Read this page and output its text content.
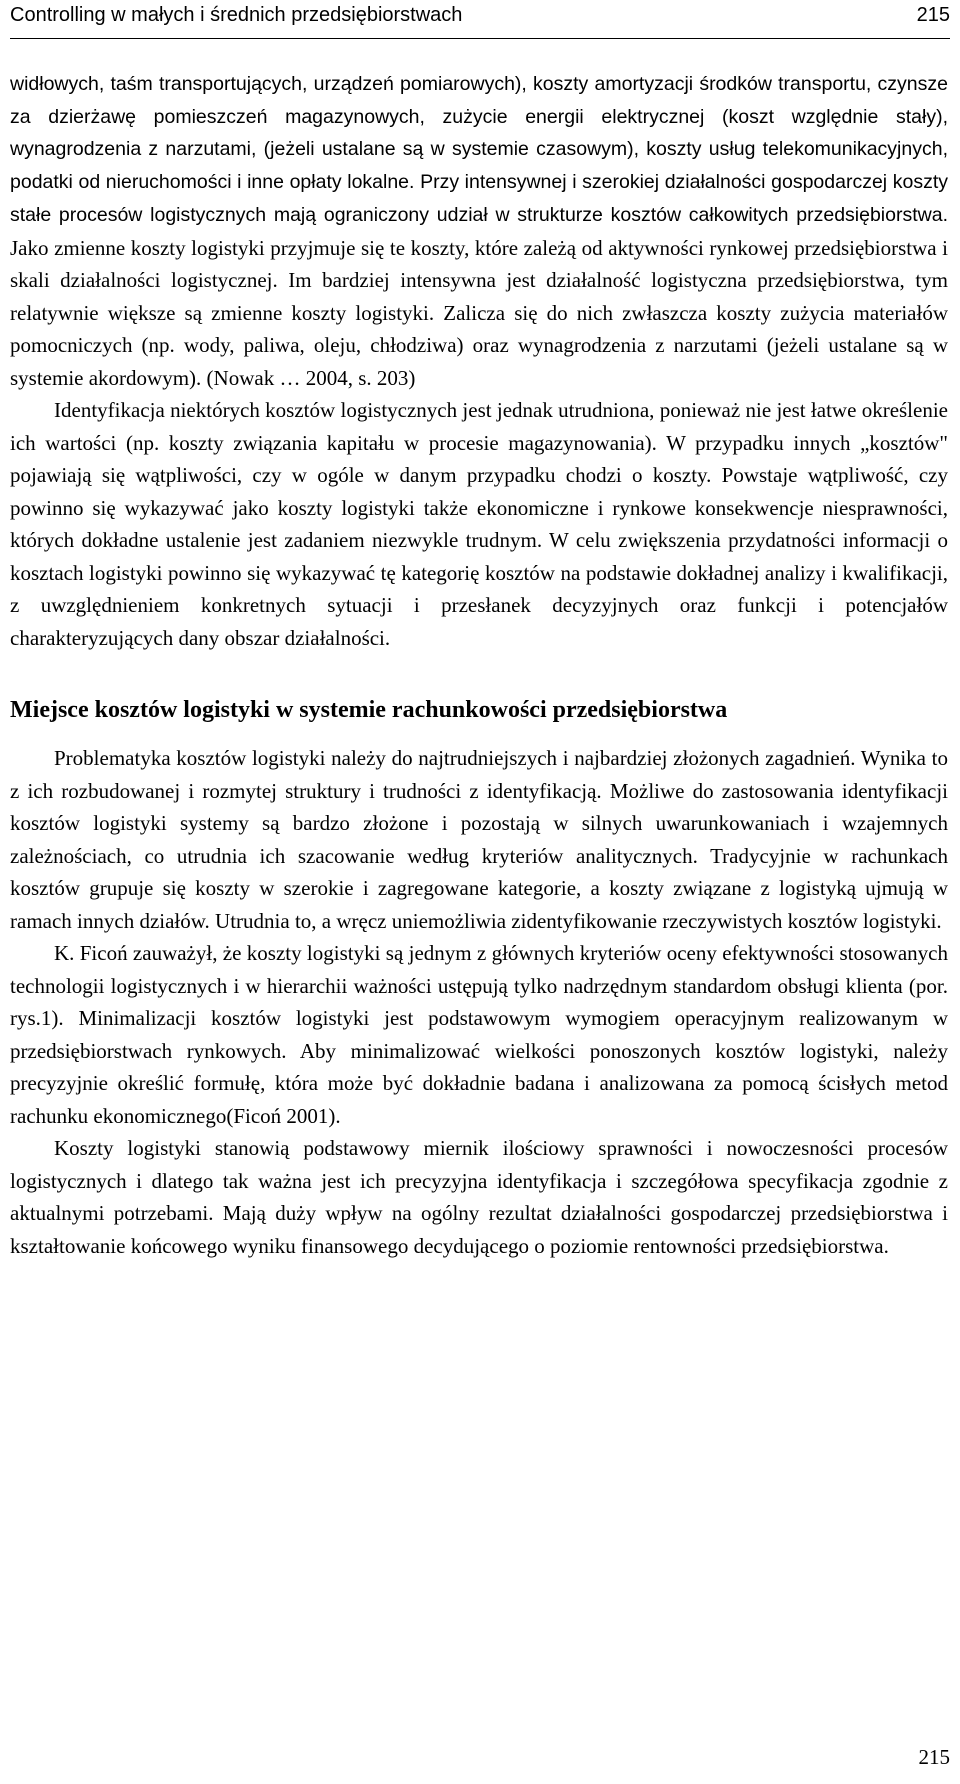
Controlling w małych i średnich przedsiębiorstwach	215

widłowych, taśm transportujących, urządzeń pomiarowych), koszty amortyzacji środków transportu, czynsze za dzierżawę pomieszczeń magazynowych, zużycie energii elektrycznej (koszt względnie stały), wynagrodzenia z narzutami, (jeżeli ustalane są w systemie czasowym), koszty usług telekomunikacyjnych, podatki od nieruchomości i inne opłaty lokalne. Przy intensywnej i szerokiej działalności gospodarczej koszty stałe procesów logistycznych mają ograniczony udział w strukturze kosztów całkowitych przedsiębiorstwa. Jako zmienne koszty logistyki przyjmuje się te koszty, które zależą od aktywności rynkowej przedsiębiorstwa i skali działalności logistycznej. Im bardziej intensywna jest działalność logistyczna przedsiębiorstwa, tym relatywnie większe są zmienne koszty logistyki. Zalicza się do nich zwłaszcza koszty zużycia materiałów pomocniczych (np. wody, paliwa, oleju, chłodziwa) oraz wynagrodzenia z narzutami (jeżeli ustalane są w systemie akordowym). (Nowak … 2004, s. 203)

Identyfikacja niektórych kosztów logistycznych jest jednak utrudniona, ponieważ nie jest łatwe określenie ich wartości (np. koszty związania kapitału w procesie magazynowania). W przypadku innych „kosztów" pojawiają się wątpliwości, czy w ogóle w danym przypadku chodzi o koszty. Powstaje wątpliwość, czy powinno się wykazywać jako koszty logistyki także ekonomiczne i rynkowe konsekwencje niesprawności, których dokładne ustalenie jest zadaniem niezwykle trudnym. W celu zwiększenia przydatności informacji o kosztach logistyki powinno się wykazywać tę kategorię kosztów na podstawie dokładnej analizy i kwalifikacji, z uwzględnieniem konkretnych sytuacji i przesłanek decyzyjnych oraz funkcji i potencjałów charakteryzujących dany obszar działalności.

Miejsce kosztów logistyki w systemie rachunkowości przedsiębiorstwa

Problematyka kosztów logistyki należy do najtrudniejszych i najbardziej złożonych zagadnień. Wynika to z ich rozbudowanej i rozmytej struktury i trudności z identyfikacją. Możliwe do zastosowania identyfikacji kosztów logistyki systemy są bardzo złożone i pozostają w silnych uwarunkowaniach i wzajemnych zależnościach, co utrudnia ich szacowanie według kryteriów analitycznych. Tradycyjnie w rachunkach kosztów grupuje się koszty w szerokie i zagregowane kategorie, a koszty związane z logistyką ujmują w ramach innych działów. Utrudnia to, a wręcz uniemożliwia zidentyfikowanie rzeczywistych kosztów logistyki.

K. Ficoń zauważył, że koszty logistyki są jednym z głównych kryteriów oceny efektywności stosowanych technologii logistycznych i w hierarchii ważności ustępują tylko nadrzędnym standardom obsługi klienta (por. rys.1). Minimalizacji kosztów logistyki jest podstawowym wymogiem operacyjnym realizowanym w przedsiębiorstwach rynkowych. Aby minimalizować wielkości ponoszonych kosztów logistyki, należy precyzyjnie określić formułę, która może być dokładnie badana i analizowana za pomocą ścisłych metod rachunku ekonomicznego(Ficoń 2001).

Koszty logistyki stanowią podstawowy miernik ilościowy sprawności i nowoczesności procesów logistycznych i dlatego tak ważna jest ich precyzyjna identyfikacja i szczegółowa specyfikacja zgodnie z aktualnymi potrzebami. Mają duży wpływ na ogólny rezultat działalności gospodarczej przedsiębiorstwa i kształtowanie końcowego wyniku finansowego decydującego o poziomie rentowności przedsiębiorstwa.

215
